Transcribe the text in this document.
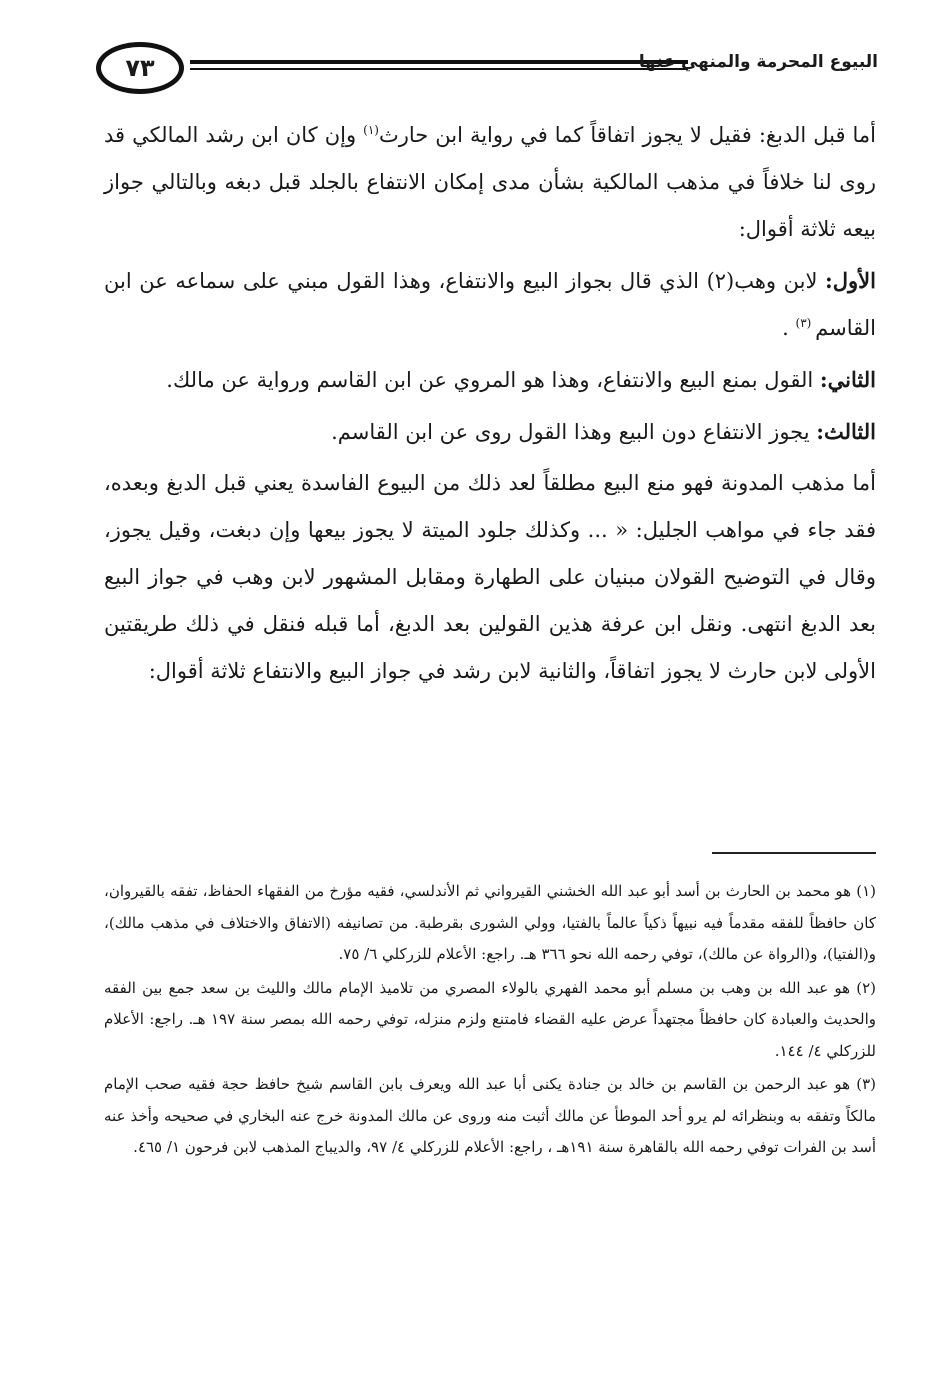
٧٣	البيوع المحرمة والمنهي عنها

أما قبل الدبغ: فقيل لا يجوز اتفاقاً كما في رواية ابن حارث$^{(١)}$ وإن كان ابن رشد المالكي قد روى لنا خلافاً في مذهب المالكية بشأن مدى إمكان الانتفاع بالجلد قبل دبغه وبالتالي جواز بيعه ثلاثة أقوال:

الأول: لابن وهب(٢) الذي قال بجواز البيع والانتفاع، وهذا القول مبني على سماعه عن ابن القاسم $^{(٣)}$ .

الثاني: القول بمنع البيع والانتفاع، وهذا هو المروي عن ابن القاسم ورواية عن مالك.

الثالث: يجوز الانتفاع دون البيع وهذا القول روى عن ابن القاسم.

أما مذهب المدونة فهو منع البيع مطلقاً لعد ذلك من البيوع الفاسدة يعني قبل الدبغ وبعده، فقد جاء في مواهب الجليل: « ... وكذلك جلود الميتة لا يجوز بيعها وإن دبغت، وقيل يجوز، وقال في التوضيح القولان مبنيان على الطهارة ومقابل المشهور لابن وهب في جواز البيع بعد الدبغ انتهى. ونقل ابن عرفة هذين القولين بعد الدبغ، أما قبله فنقل في ذلك طريقتين الأولى لابن حارث لا يجوز اتفاقاً، والثانية لابن رشد في جواز البيع والانتفاع ثلاثة أقوال:

(١) هو محمد بن الحارث بن أسد أبو عبد الله الخشني القيرواني ثم الأندلسي، فقيه مؤرخ من الفقهاء الحفاظ، تفقه بالقيروان، كان حافظاً للفقه مقدماً فيه نبيهاً ذكياً عالماً بالفتيا، وولي الشورى بقرطبة. من تصانيفه (الاتفاق والاختلاف في مذهب مالك)، و(الفتيا)، و(الرواة عن مالك)، توفي رحمه الله نحو ٣٦٦ هـ. راجع: الأعلام للزركلي ٦/ ٧٥.

(٢) هو عبد الله بن وهب بن مسلم أبو محمد الفهري بالولاء المصري من تلاميذ الإمام مالك والليث بن سعد جمع بين الفقه والحديث والعبادة كان حافظاً مجتهداً عرض عليه القضاء فامتنع ولزم منزله، توفي رحمه الله بمصر سنة ١٩٧ هـ. راجع: الأعلام للزركلي ٤/ ١٤٤.

(٣) هو عبد الرحمن بن القاسم بن خالد بن جنادة يكنى أبا عبد الله ويعرف بابن القاسم شيخ حافظ حجة فقيه صحب الإمام مالكاً وتفقه به وبنظرائه لم يرو أحد الموطأ عن مالك أثبت منه وروى عن مالك المدونة خرج عنه البخاري في صحيحه وأخذ عنه أسد بن الفرات توفي رحمه الله بالقاهرة سنة ١٩١هـ ، راجع: الأعلام للزركلي ٤/ ٩٧، والديباج المذهب لابن فرحون ١/ ٤٦٥.
